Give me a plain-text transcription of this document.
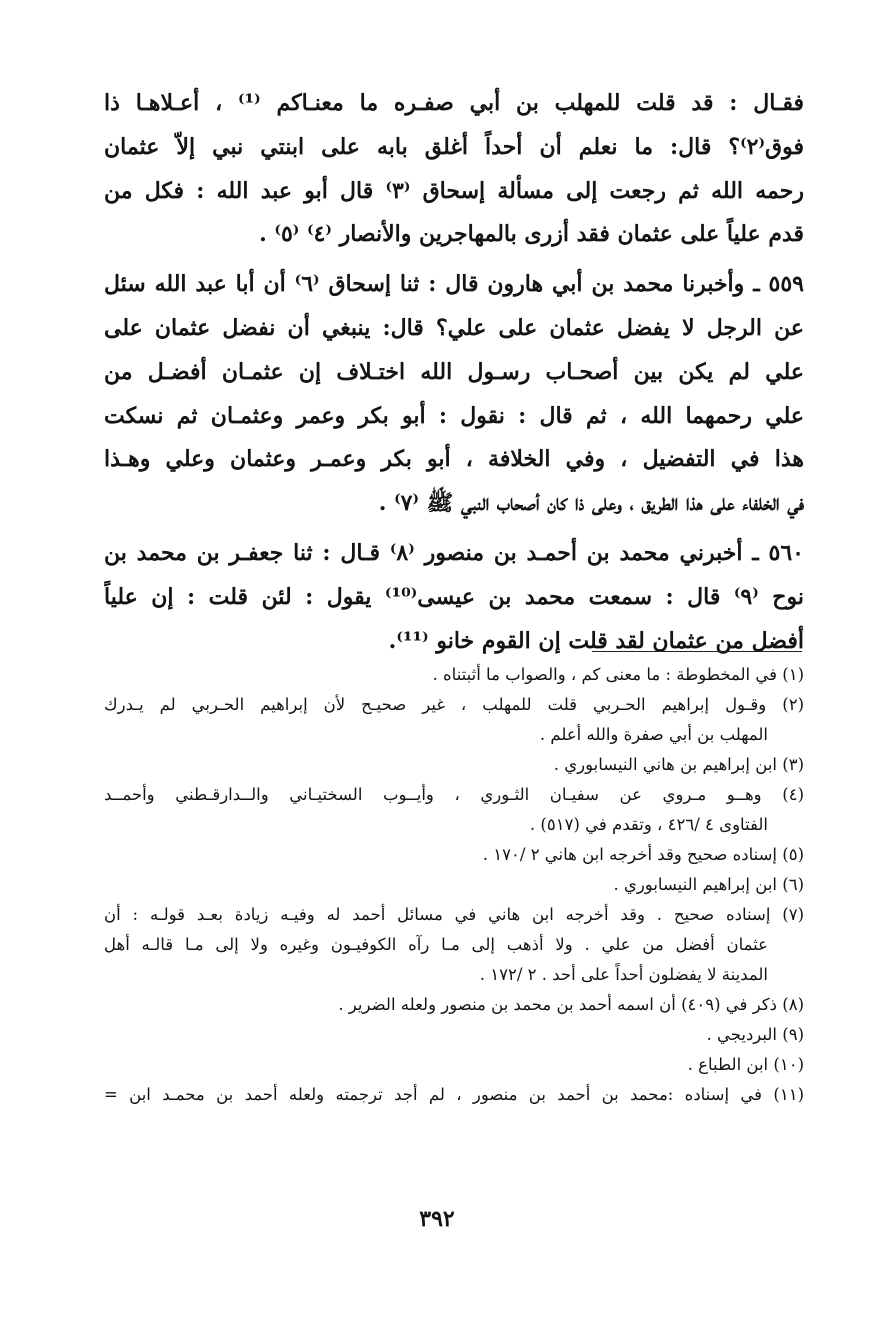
فقـال : قد قلت للمهلب بن أبي صفـره ما معنـاكم ⁽¹⁾ ، أعـلاهـا ذا
فوق⁽٢⁾؟ قال: ما نعلم أن أحداً أغلق بابه على ابنتي نبي إلاّ عثمان
رحمه الله ثم رجعت إلى مسألة إسحاق ⁽٣⁾ قال أبو عبد الله : فكل من
قدم علياً على عثمان فقد أزرى بالمهاجرين والأنصار ⁽٤⁾ ⁽٥⁾ .
٥٥٩ ـ وأخبرنا محمد بن أبي هارون قال : ثنا إسحاق ⁽٦⁾ أن أبا عبد الله سئل
عن الرجل لا يفضل عثمان على علي؟ قال: ينبغي أن نفضل عثمان على
علي لم يكن بين أصحـاب رسـول الله اختـلاف إن عثمـان أفضـل من
علي رحمهما الله ، ثم قال : نقول : أبو بكر وعمر وعثمـان ثم نسكت
هذا في التفضيل ، وفي الخلافة ، أبو بكر وعمـر وعثمان وعلي وهـذا
في الخلفاء على هذا الطريق ، وعلى ذا كان أصحاب النبي ﷺ ⁽٧⁾ .
٥٦٠ ـ أخبرني محمد بن أحمـد بن منصور ⁽٨⁾ قـال : ثنا جعفـر بن محمد بن
نوح ⁽٩⁾ قال : سمعت محمد بن عيسى⁽¹⁰⁾ يقول : لئن قلت : إن علياً
أفضل من عثمان لقد قلت إن القوم خانو ⁽¹¹⁾.
(١) في المخطوطة : ما معنى كم ، والصواب ما أثبتناه .
(٢) وقـول إبراهيم الحـربي قلت للمهلب ، غير صحيـح لأن إبراهيم الحـربي لم يـدرك
المهلب بن أبي صفرة والله أعلم .
(٣) ابن إبراهيم بن هاني النيسابوري .
(٤) وهــو مـروي عن سفيـان الثـوري ، وأيــوب السختيـاني والــدارقـطني وأحمــد
الفتاوى ٤ /٤٢٦ ، وتقدم في (٥١٧) .
(٥) إسناده صحيح وقد أخرجه ابن هاني ٢ /١٧٠ .
(٦) ابن إبراهيم النيسابوري .
(٧) إسناده صحيح . وقد أخرجه ابن هاني في مسائل أحمد له وفيـه زيادة بعـد قولـه : أن
عثمان أفضل من علي . ولا أذهب إلى مـا رآه الكوفيـون وغيره ولا إلى مـا قالـه أهل
المدينة لا يفضلون أحداً على أحد . ٢ /١٧٢ .
(٨) ذكر في (٤٠٩) أن اسمه أحمد بن محمد بن منصور ولعله الضرير .
(٩) البرديجي .
(١٠) ابن الطباع .
(١١) في إسناده :محمد بن أحمد بن منصور ، لم أجد ترجمته ولعله أحمد بن محمـد ابن =
٣٩٢
